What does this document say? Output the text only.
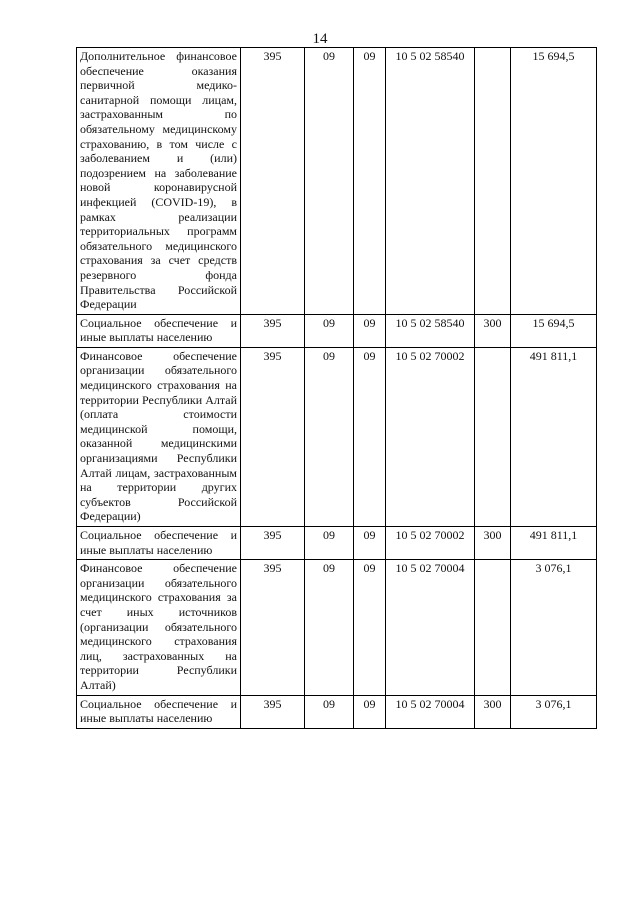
14
Дополнительное финансовое обеспечение оказания первичной медико-санитарной помощи лицам, застрахованным по обязательному медицинскому страхованию, в том числе с заболеванием и (или) подозрением на заболевание новой коронавирусной инфекцией (COVID-19), в рамках реализации территориальных программ обязательного медицинского страхования за счет средств резервного фонда Правительства Российской Федерации	395	09	09	10 5 02 58540		15 694,5
Социальное обеспечение и иные выплаты населению	395	09	09	10 5 02 58540	300	15 694,5
Финансовое обеспечение организации обязательного медицинского страхования на территории Республики Алтай (оплата стоимости медицинской помощи, оказанной медицинскими организациями Республики Алтай лицам, застрахованным на территории других субъектов Российской Федерации)	395	09	09	10 5 02 70002		491 811,1
Социальное обеспечение и иные выплаты населению	395	09	09	10 5 02 70002	300	491 811,1
Финансовое обеспечение организации обязательного медицинского страхования за счет иных источников (организации обязательного медицинского страхования лиц, застрахованных на территории Республики Алтай)	395	09	09	10 5 02 70004		3 076,1
Социальное обеспечение и иные выплаты населению	395	09	09	10 5 02 70004	300	3 076,1
